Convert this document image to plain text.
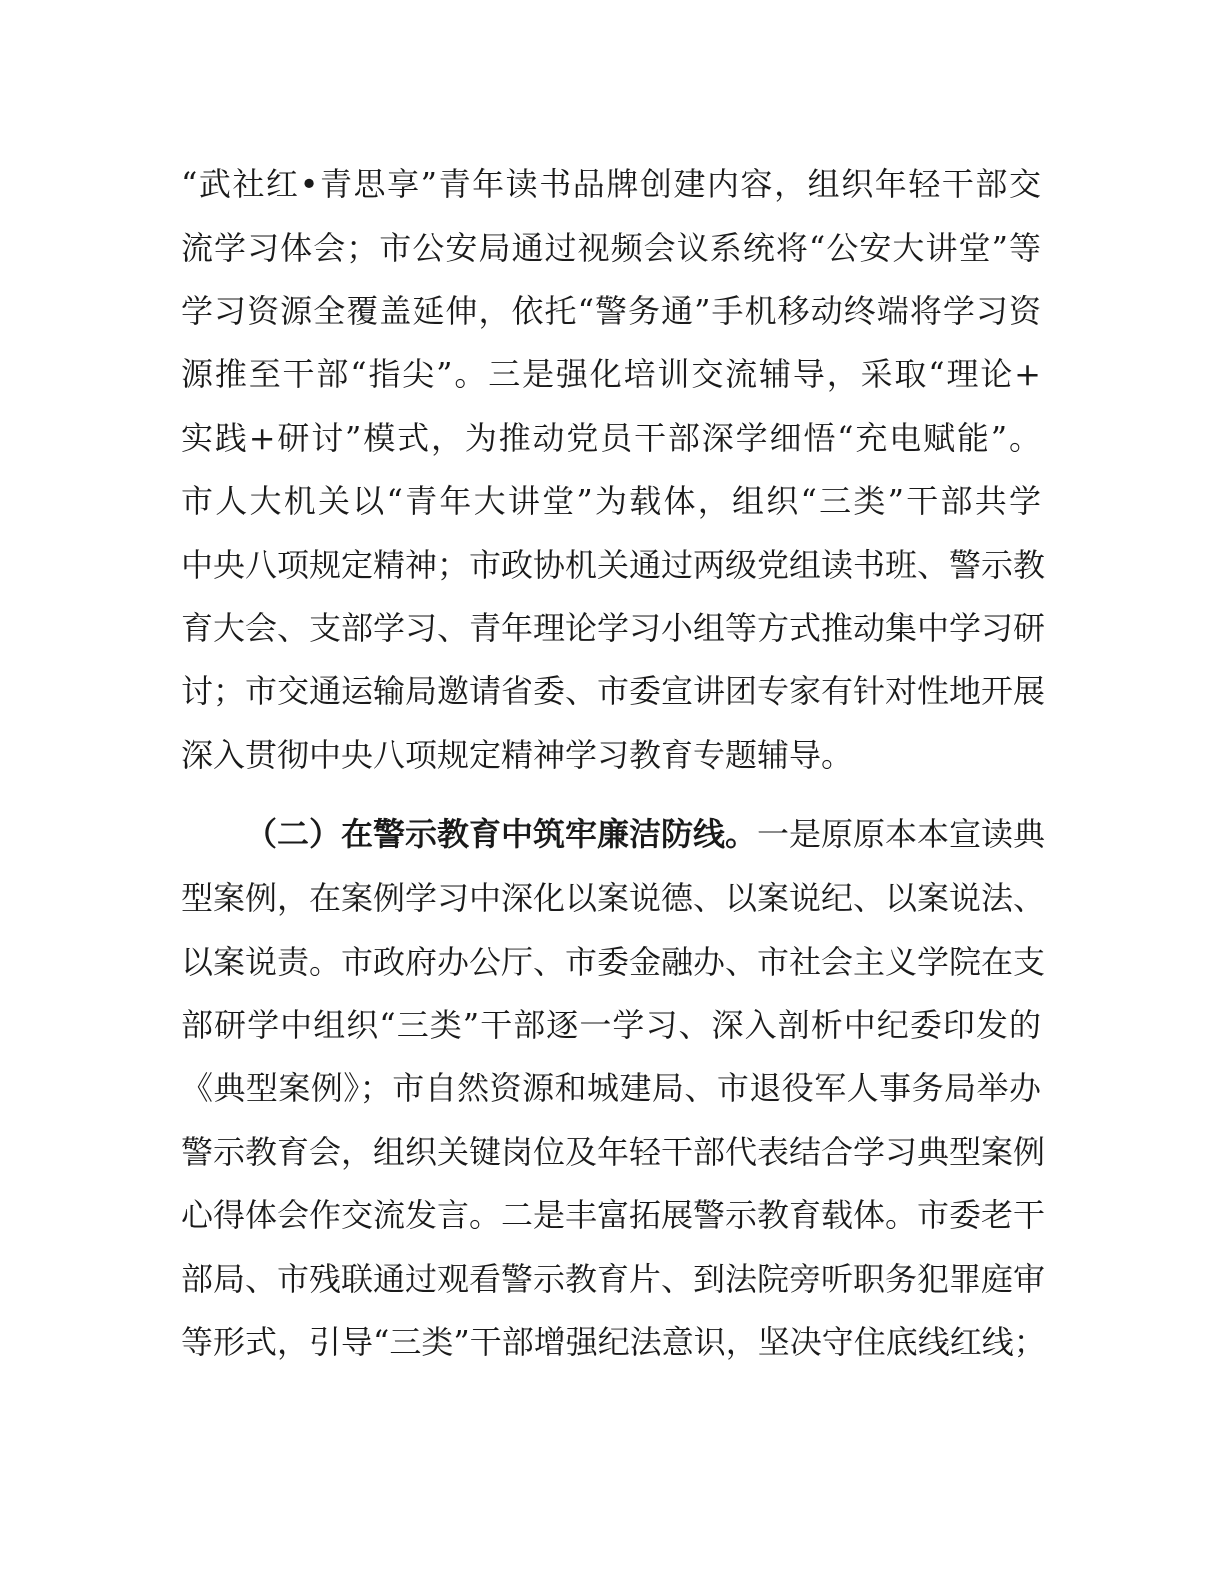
“武社红•青思享”青年读书品牌创建内容，组织年轻干部交
流学习体会；市公安局通过视频会议系统将“公安大讲堂”等
学习资源全覆盖延伸，依托“警务通”手机移动终端将学习资
源推至干部“指尖”。三是强化培训交流辅导，采取“理论+
实践+研讨”模式，为推动党员干部深学细悟“充电赋能”。
市人大机关以“青年大讲堂”为载体，组织“三类”干部共学
中央八项规定精神；市政协机关通过两级党组读书班、警示教
育大会、支部学习、青年理论学习小组等方式推动集中学习研
讨；市交通运输局邀请省委、市委宣讲团专家有针对性地开展
深入贯彻中央八项规定精神学习教育专题辅导。
（二）在警示教育中筑牢廉洁防线。一是原原本本宣读典
型案例，在案例学习中深化以案说德、以案说纪、以案说法、
以案说责。市政府办公厅、市委金融办、市社会主义学院在支
部研学中组织“三类”干部逐一学习、深入剖析中纪委印发的
《典型案例》；市自然资源和城建局、市退役军人事务局举办
警示教育会，组织关键岗位及年轻干部代表结合学习典型案例
心得体会作交流发言。二是丰富拓展警示教育载体。市委老干
部局、市残联通过观看警示教育片、到法院旁听职务犯罪庭审
等形式，引导“三类”干部增强纪法意识，坚决守住底线红线；
